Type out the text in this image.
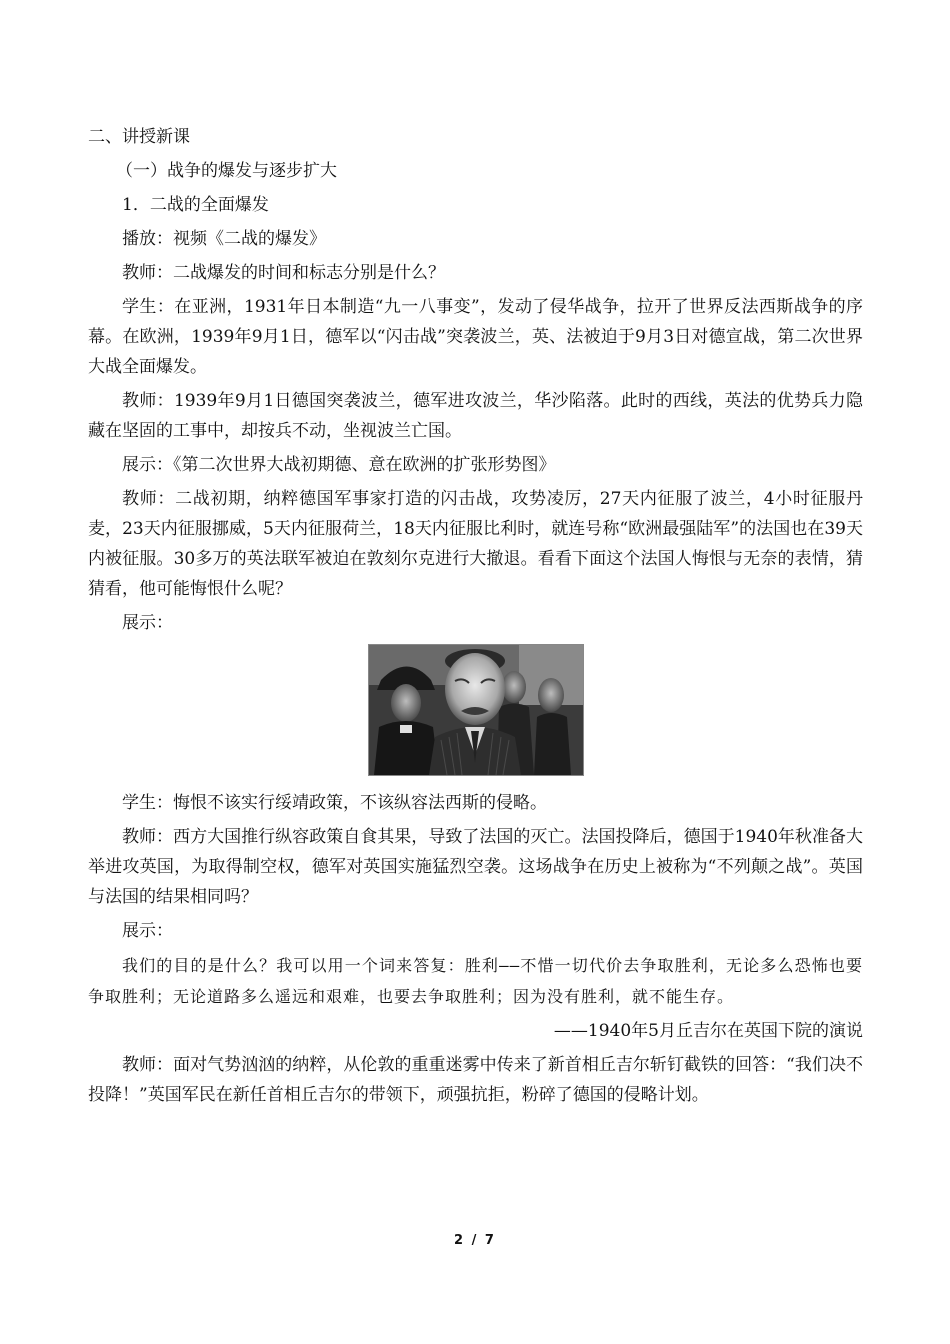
二、讲授新课

（一）战争的爆发与逐步扩大

1．二战的全面爆发

播放：视频《二战的爆发》

教师：二战爆发的时间和标志分别是什么？

学生：在亚洲，1931年日本制造“九一八事变”，发动了侵华战争，拉开了世界反法西斯战争的序幕。在欧洲，1939年9月1日，德军以“闪击战”突袭波兰，英、法被迫于9月3日对德宣战，第二次世界大战全面爆发。

教师：1939年9月1日德国突袭波兰，德军进攻波兰，华沙陷落。此时的西线，英法的优势兵力隐藏在坚固的工事中，却按兵不动，坐视波兰亡国。

展示：《第二次世界大战初期德、意在欧洲的扩张形势图》

教师：二战初期，纳粹德国军事家打造的闪击战，攻势凌厉，27天内征服了波兰，4小时征服丹麦，23天内征服挪威，5天内征服荷兰，18天内征服比利时，就连号称“欧洲最强陆军”的法国也在39天内被征服。30多万的英法联军被迫在敦刻尔克进行大撤退。看看下面这个法国人悔恨与无奈的表情，猜猜看，他可能悔恨什么呢？

展示：

学生：悔恨不该实行绥靖政策，不该纵容法西斯的侵略。

教师：西方大国推行纵容政策自食其果，导致了法国的灭亡。法国投降后，德国于1940年秋准备大举进攻英国，为取得制空权，德军对英国实施猛烈空袭。这场战争在历史上被称为“不列颠之战”。英国与法国的结果相同吗？

展示：

我们的目的是什么？我可以用一个词来答复：胜利——不惜一切代价去争取胜利，无论多么恐怖也要争取胜利；无论道路多么遥远和艰难，也要去争取胜利；因为没有胜利，就不能生存。

——1940年5月丘吉尔在英国下院的演说

教师：面对气势汹汹的纳粹，从伦敦的重重迷雾中传来了新首相丘吉尔斩钉截铁的回答：“我们决不投降！”英国军民在新任首相丘吉尔的带领下，顽强抗拒，粉碎了德国的侵略计划。

2 / 7
